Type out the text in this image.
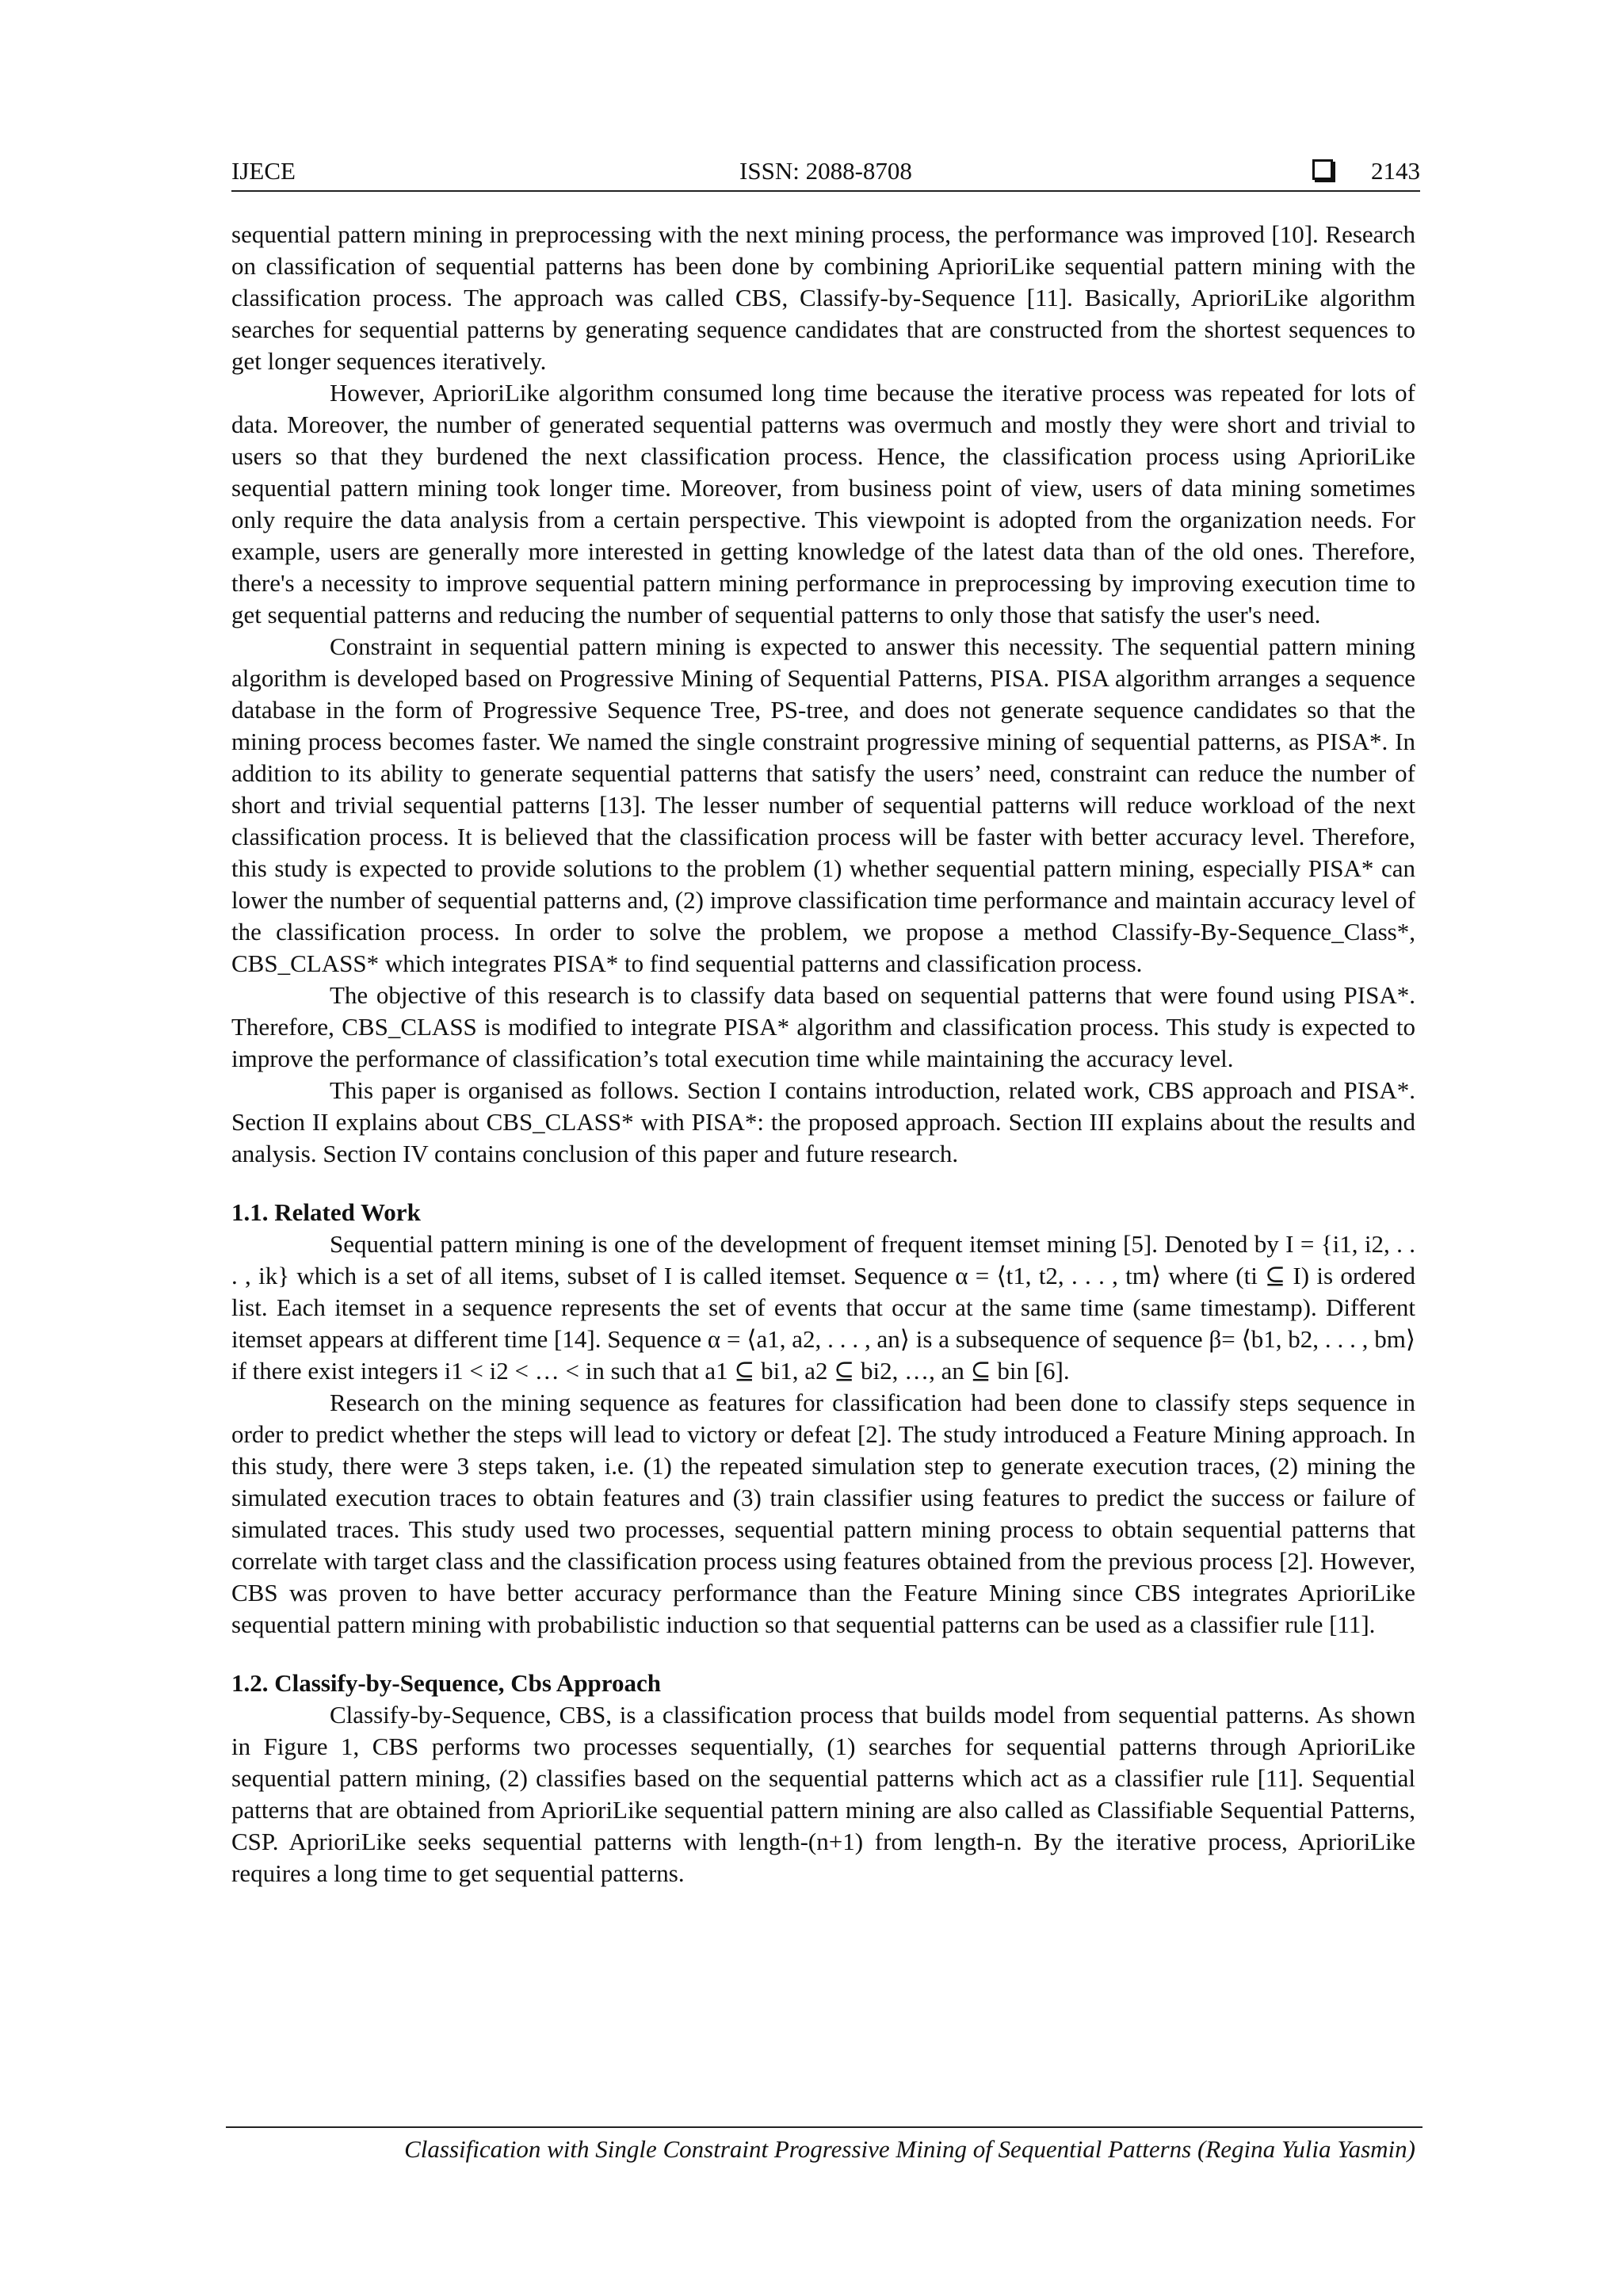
IJECE	ISSN: 2088-8708	2143

sequential pattern mining in preprocessing with the next mining process, the performance was improved [10]. Research on classification of sequential patterns has been done by combining AprioriLike sequential pattern mining with the classification process. The approach was called CBS, Classify-by-Sequence [11]. Basically, AprioriLike algorithm searches for sequential patterns by generating sequence candidates that are constructed from the shortest sequences to get longer sequences iteratively.

However, AprioriLike algorithm consumed long time because the iterative process was repeated for lots of data. Moreover, the number of generated sequential patterns was overmuch and mostly they were short and trivial to users so that they burdened the next classification process. Hence, the classification process using AprioriLike sequential pattern mining took longer time. Moreover, from business point of view, users of data mining sometimes only require the data analysis from a certain perspective. This viewpoint is adopted from the organization needs. For example, users are generally more interested in getting knowledge of the latest data than of the old ones. Therefore, there's a necessity to improve sequential pattern mining performance in preprocessing by improving execution time to get sequential patterns and reducing the number of sequential patterns to only those that satisfy the user's need.

Constraint in sequential pattern mining is expected to answer this necessity. The sequential pattern mining algorithm is developed based on Progressive Mining of Sequential Patterns, PISA. PISA algorithm arranges a sequence database in the form of Progressive Sequence Tree, PS-tree, and does not generate sequence candidates so that the mining process becomes faster. We named the single constraint progressive mining of sequential patterns, as PISA*. In addition to its ability to generate sequential patterns that satisfy the users’ need, constraint can reduce the number of short and trivial sequential patterns [13]. The lesser number of sequential patterns will reduce workload of the next classification process. It is believed that the classification process will be faster with better accuracy level. Therefore, this study is expected to provide solutions to the problem (1) whether sequential pattern mining, especially PISA* can lower the number of sequential patterns and, (2) improve classification time performance and maintain accuracy level of the classification process. In order to solve the problem, we propose a method Classify-By-Sequence_Class*, CBS_CLASS* which integrates PISA* to find sequential patterns and classification process.

The objective of this research is to classify data based on sequential patterns that were found using PISA*. Therefore, CBS_CLASS is modified to integrate PISA* algorithm and classification process. This study is expected to improve the performance of classification’s total execution time while maintaining the accuracy level.

This paper is organised as follows. Section I contains introduction, related work, CBS approach and PISA*. Section II explains about CBS_CLASS* with PISA*: the proposed approach. Section III explains about the results and analysis. Section IV contains conclusion of this paper and future research.

1.1. Related Work

Sequential pattern mining is one of the development of frequent itemset mining [5]. Denoted by I = {i1, i2, . . . , ik} which is a set of all items, subset of I is called itemset. Sequence α = ⟨t1, t2, . . . , tm⟩ where (ti ⊆ I) is ordered list. Each itemset in a sequence represents the set of events that occur at the same time (same timestamp). Different itemset appears at different time [14]. Sequence α = ⟨a1, a2, . . . , an⟩ is a subsequence of sequence β= ⟨b1, b2, . . . , bm⟩ if there exist integers i1 < i2 < … < in such that a1 ⊆ bi1, a2 ⊆ bi2, …, an ⊆ bin [6].

Research on the mining sequence as features for classification had been done to classify steps sequence in order to predict whether the steps will lead to victory or defeat [2]. The study introduced a Feature Mining approach. In this study, there were 3 steps taken, i.e. (1) the repeated simulation step to generate execution traces, (2) mining the simulated execution traces to obtain features and (3) train classifier using features to predict the success or failure of simulated traces. This study used two processes, sequential pattern mining process to obtain sequential patterns that correlate with target class and the classification process using features obtained from the previous process [2]. However, CBS was proven to have better accuracy performance than the Feature Mining since CBS integrates AprioriLike sequential pattern mining with probabilistic induction so that sequential patterns can be used as a classifier rule [11].

1.2. Classify-by-Sequence, Cbs Approach

Classify-by-Sequence, CBS, is a classification process that builds model from sequential patterns. As shown in Figure 1, CBS performs two processes sequentially, (1) searches for sequential patterns through AprioriLike sequential pattern mining, (2) classifies based on the sequential patterns which act as a classifier rule [11]. Sequential patterns that are obtained from AprioriLike sequential pattern mining are also called as Classifiable Sequential Patterns, CSP. AprioriLike seeks sequential patterns with length-(n+1) from length-n. By the iterative process, AprioriLike requires a long time to get sequential patterns.

Classification with Single Constraint Progressive Mining of Sequential Patterns (Regina Yulia Yasmin)
